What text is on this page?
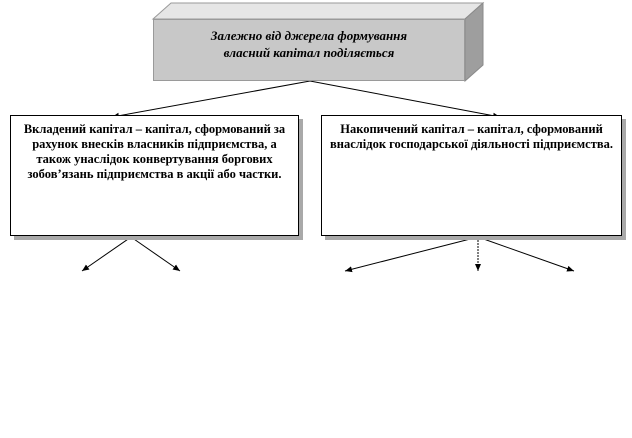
Залежно від джерела формування
власний капітал поділяється
Вкладений капітал – капітал, сформований за рахунок внесків власників підприємства, а також унаслідок конвертування боргових зобов’язань підприємства в акції або частки.
Накопичений капітал – капітал, сформований внаслідок господарської діяльності підприємства.
